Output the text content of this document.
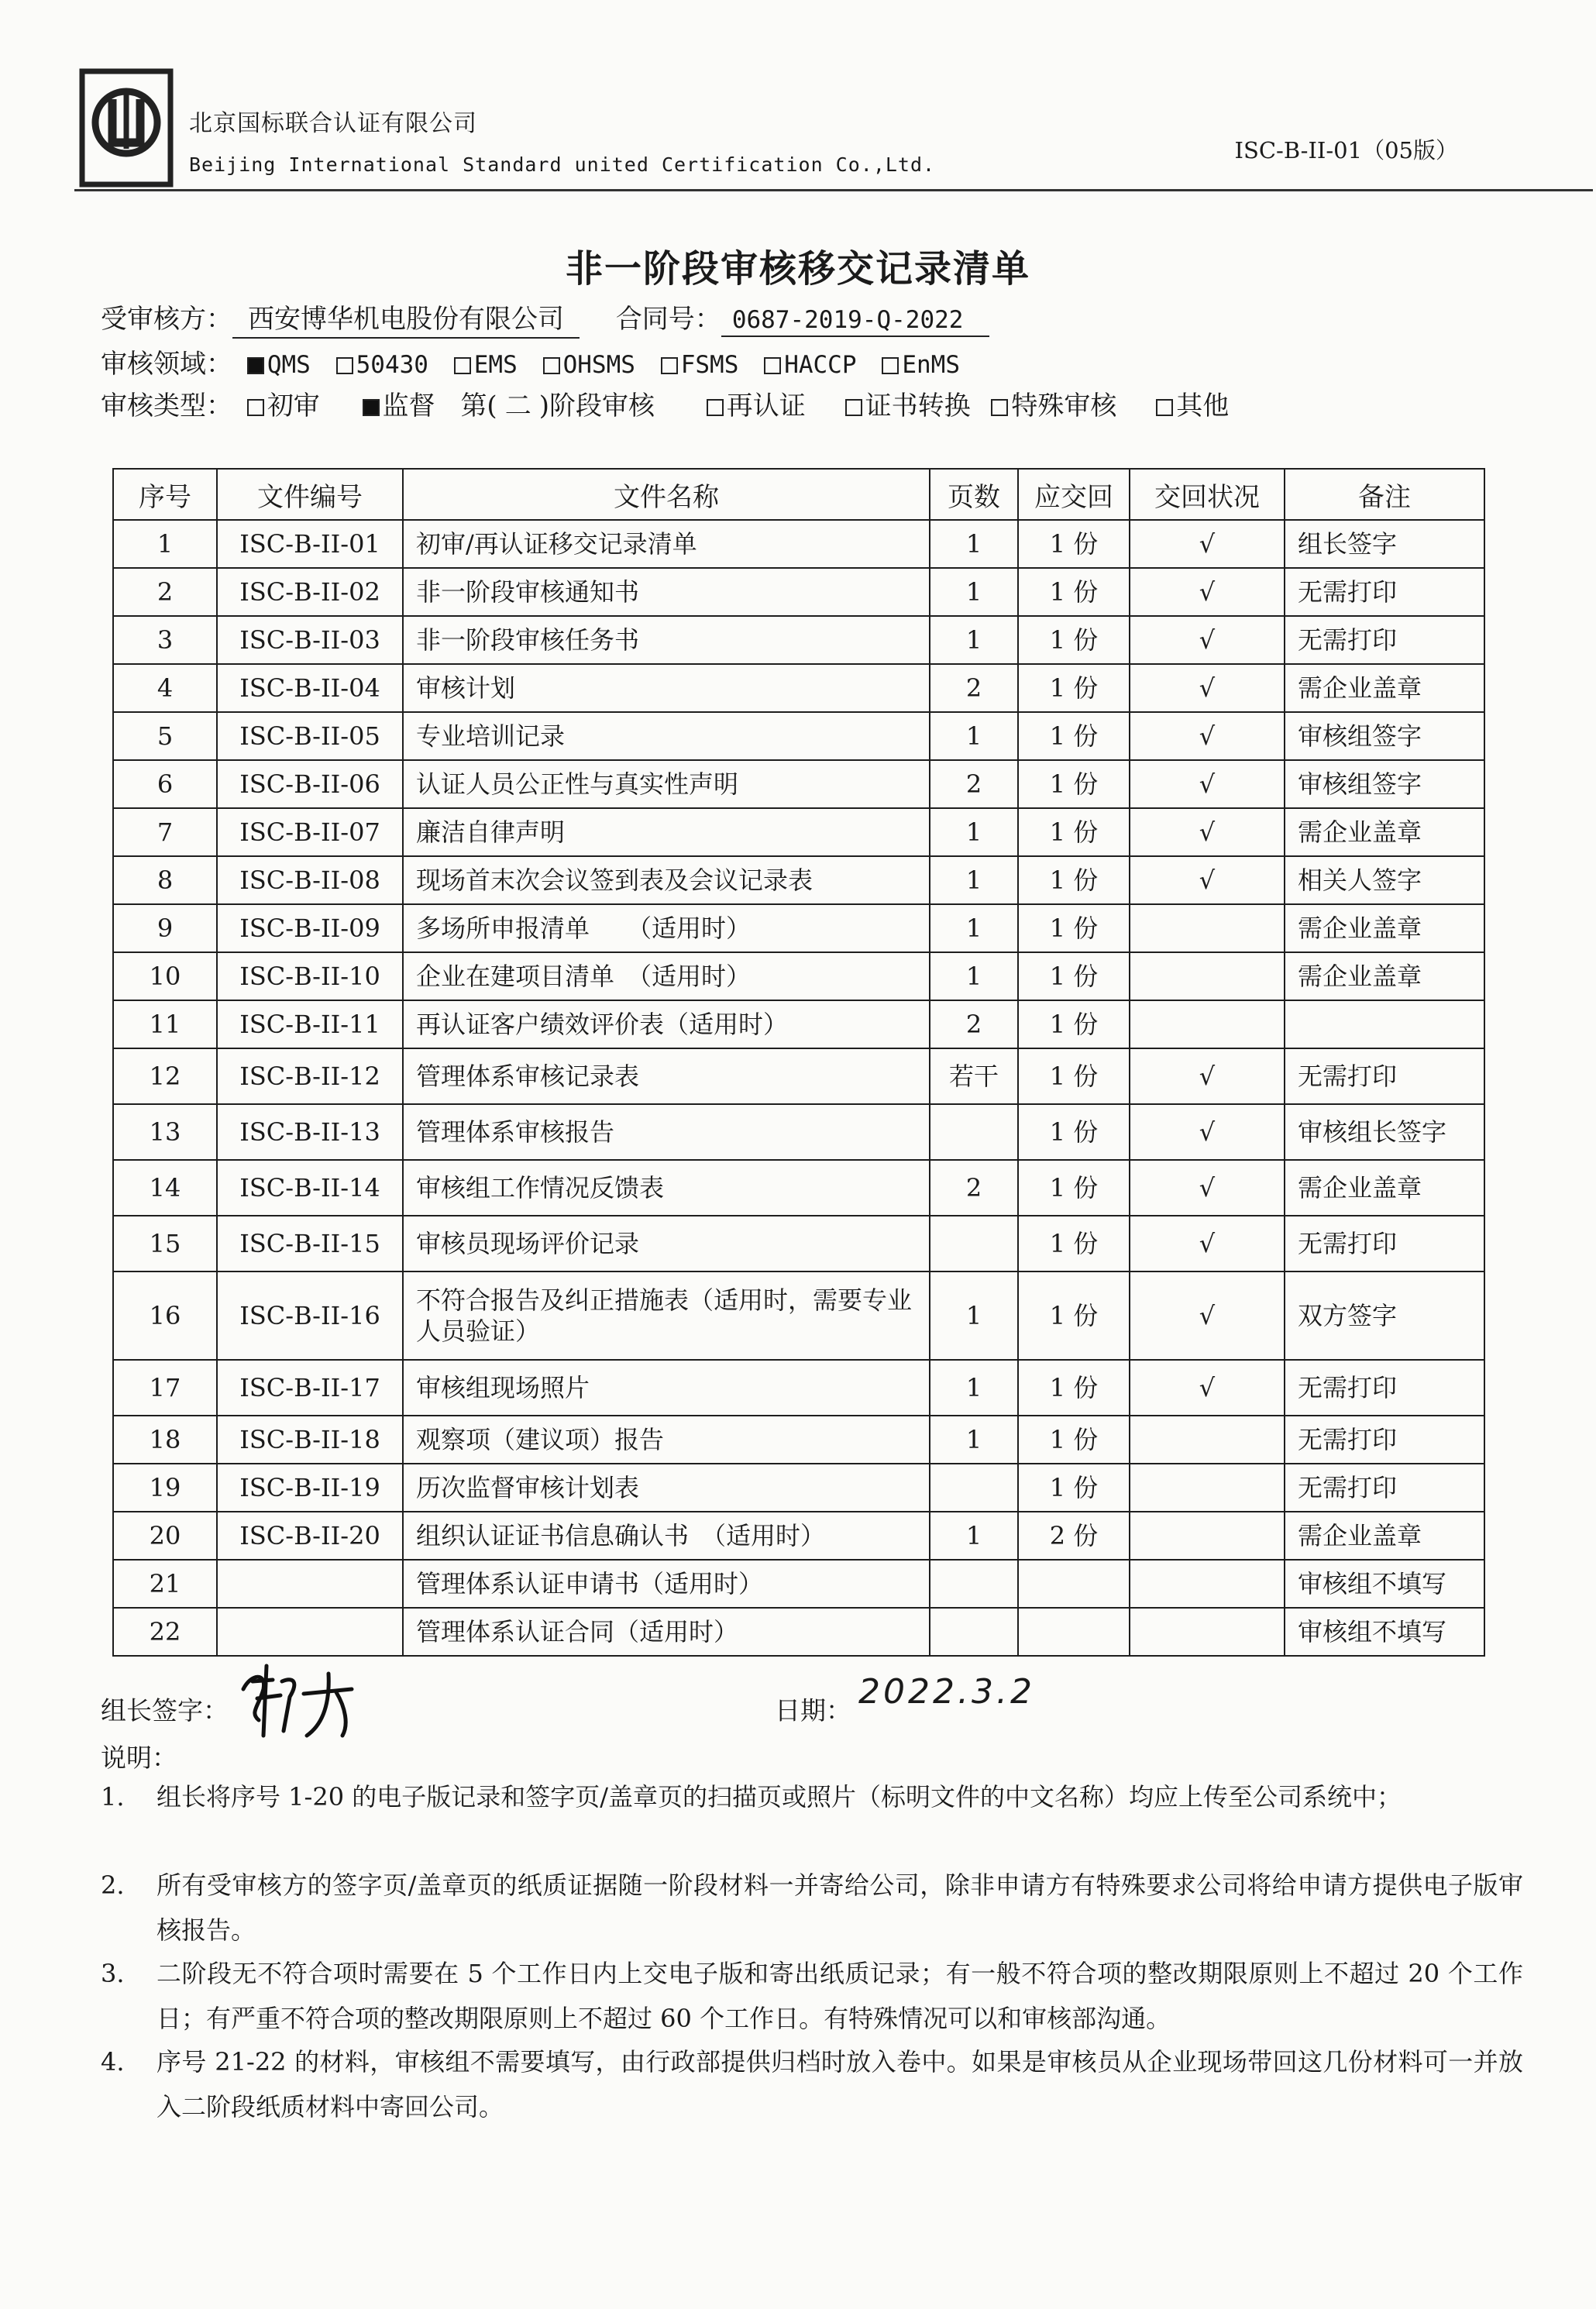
北京国标联合认证有限公司
Beijing International Standard united Certification Co.,Ltd.
ISC-B-II-01（05版）
非一阶段审核移交记录清单
受审核方： 西安博华机电股份有限公司 合同号： 0687-2019-Q-2022
审核领域： QMS 50430 EMS OHSMS FSMS HACCP EnMS
审核类型： 初审 监督 第( 二 )阶段审核	再认证 证书转换 特殊审核 其他
序号	文件编号	文件名称	页数	应交回	交回状况	备注
1	ISC-B-II-01	初审/再认证移交记录清单	1	1 份	√	组长签字
2	ISC-B-II-02	非一阶段审核通知书	1	1 份	√	无需打印
3	ISC-B-II-03	非一阶段审核任务书	1	1 份	√	无需打印
4	ISC-B-II-04	审核计划	2	1 份	√	需企业盖章
5	ISC-B-II-05	专业培训记录	1	1 份	√	审核组签字
6	ISC-B-II-06	认证人员公正性与真实性声明	2	1 份	√	审核组签字
7	ISC-B-II-07	廉洁自律声明	1	1 份	√	需企业盖章
8	ISC-B-II-08	现场首末次会议签到表及会议记录表	1	1 份	√	相关人签字
9	ISC-B-II-09	多场所申报清单　　（适用时）	1	1 份		需企业盖章
10	ISC-B-II-10	企业在建项目清单　（适用时）	1	1 份		需企业盖章
11	ISC-B-II-11	再认证客户绩效评价表（适用时）	2	1 份		
12	ISC-B-II-12	管理体系审核记录表	若干	1 份	√	无需打印
13	ISC-B-II-13	管理体系审核报告		1 份	√	审核组长签字
14	ISC-B-II-14	审核组工作情况反馈表	2	1 份	√	需企业盖章
15	ISC-B-II-15	审核员现场评价记录		1 份	√	无需打印
16	ISC-B-II-16	不符合报告及纠正措施表（适用时，需要专业人员验证）	1	1 份	√	双方签字
17	ISC-B-II-17	审核组现场照片	1	1 份	√	无需打印
18	ISC-B-II-18	观察项（建议项）报告	1	1 份		无需打印
19	ISC-B-II-19	历次监督审核计划表		1 份		无需打印
20	ISC-B-II-20	组织认证证书信息确认书　（适用时）	1	2 份		需企业盖章
21		管理体系认证申请书（适用时）				审核组不填写
22		管理体系认证合同（适用时）				审核组不填写
组长签字：	日期： 2022.3.2
说明：
1. 组长将序号 1-20 的电子版记录和签字页/盖章页的扫描页或照片（标明文件的中文名称）均应上传至公司系统中；
2. 所有受审核方的签字页/盖章页的纸质证据随一阶段材料一并寄给公司，除非申请方有特殊要求公司将给申请方提供电子版审核报告。
3. 二阶段无不符合项时需要在 5 个工作日内上交电子版和寄出纸质记录；有一般不符合项的整改期限原则上不超过 20 个工作日；有严重不符合项的整改期限原则上不超过 60 个工作日。有特殊情况可以和审核部沟通。
4. 序号 21-22 的材料，审核组不需要填写，由行政部提供归档时放入卷中。如果是审核员从企业现场带回这几份材料可一并放入二阶段纸质材料中寄回公司。
